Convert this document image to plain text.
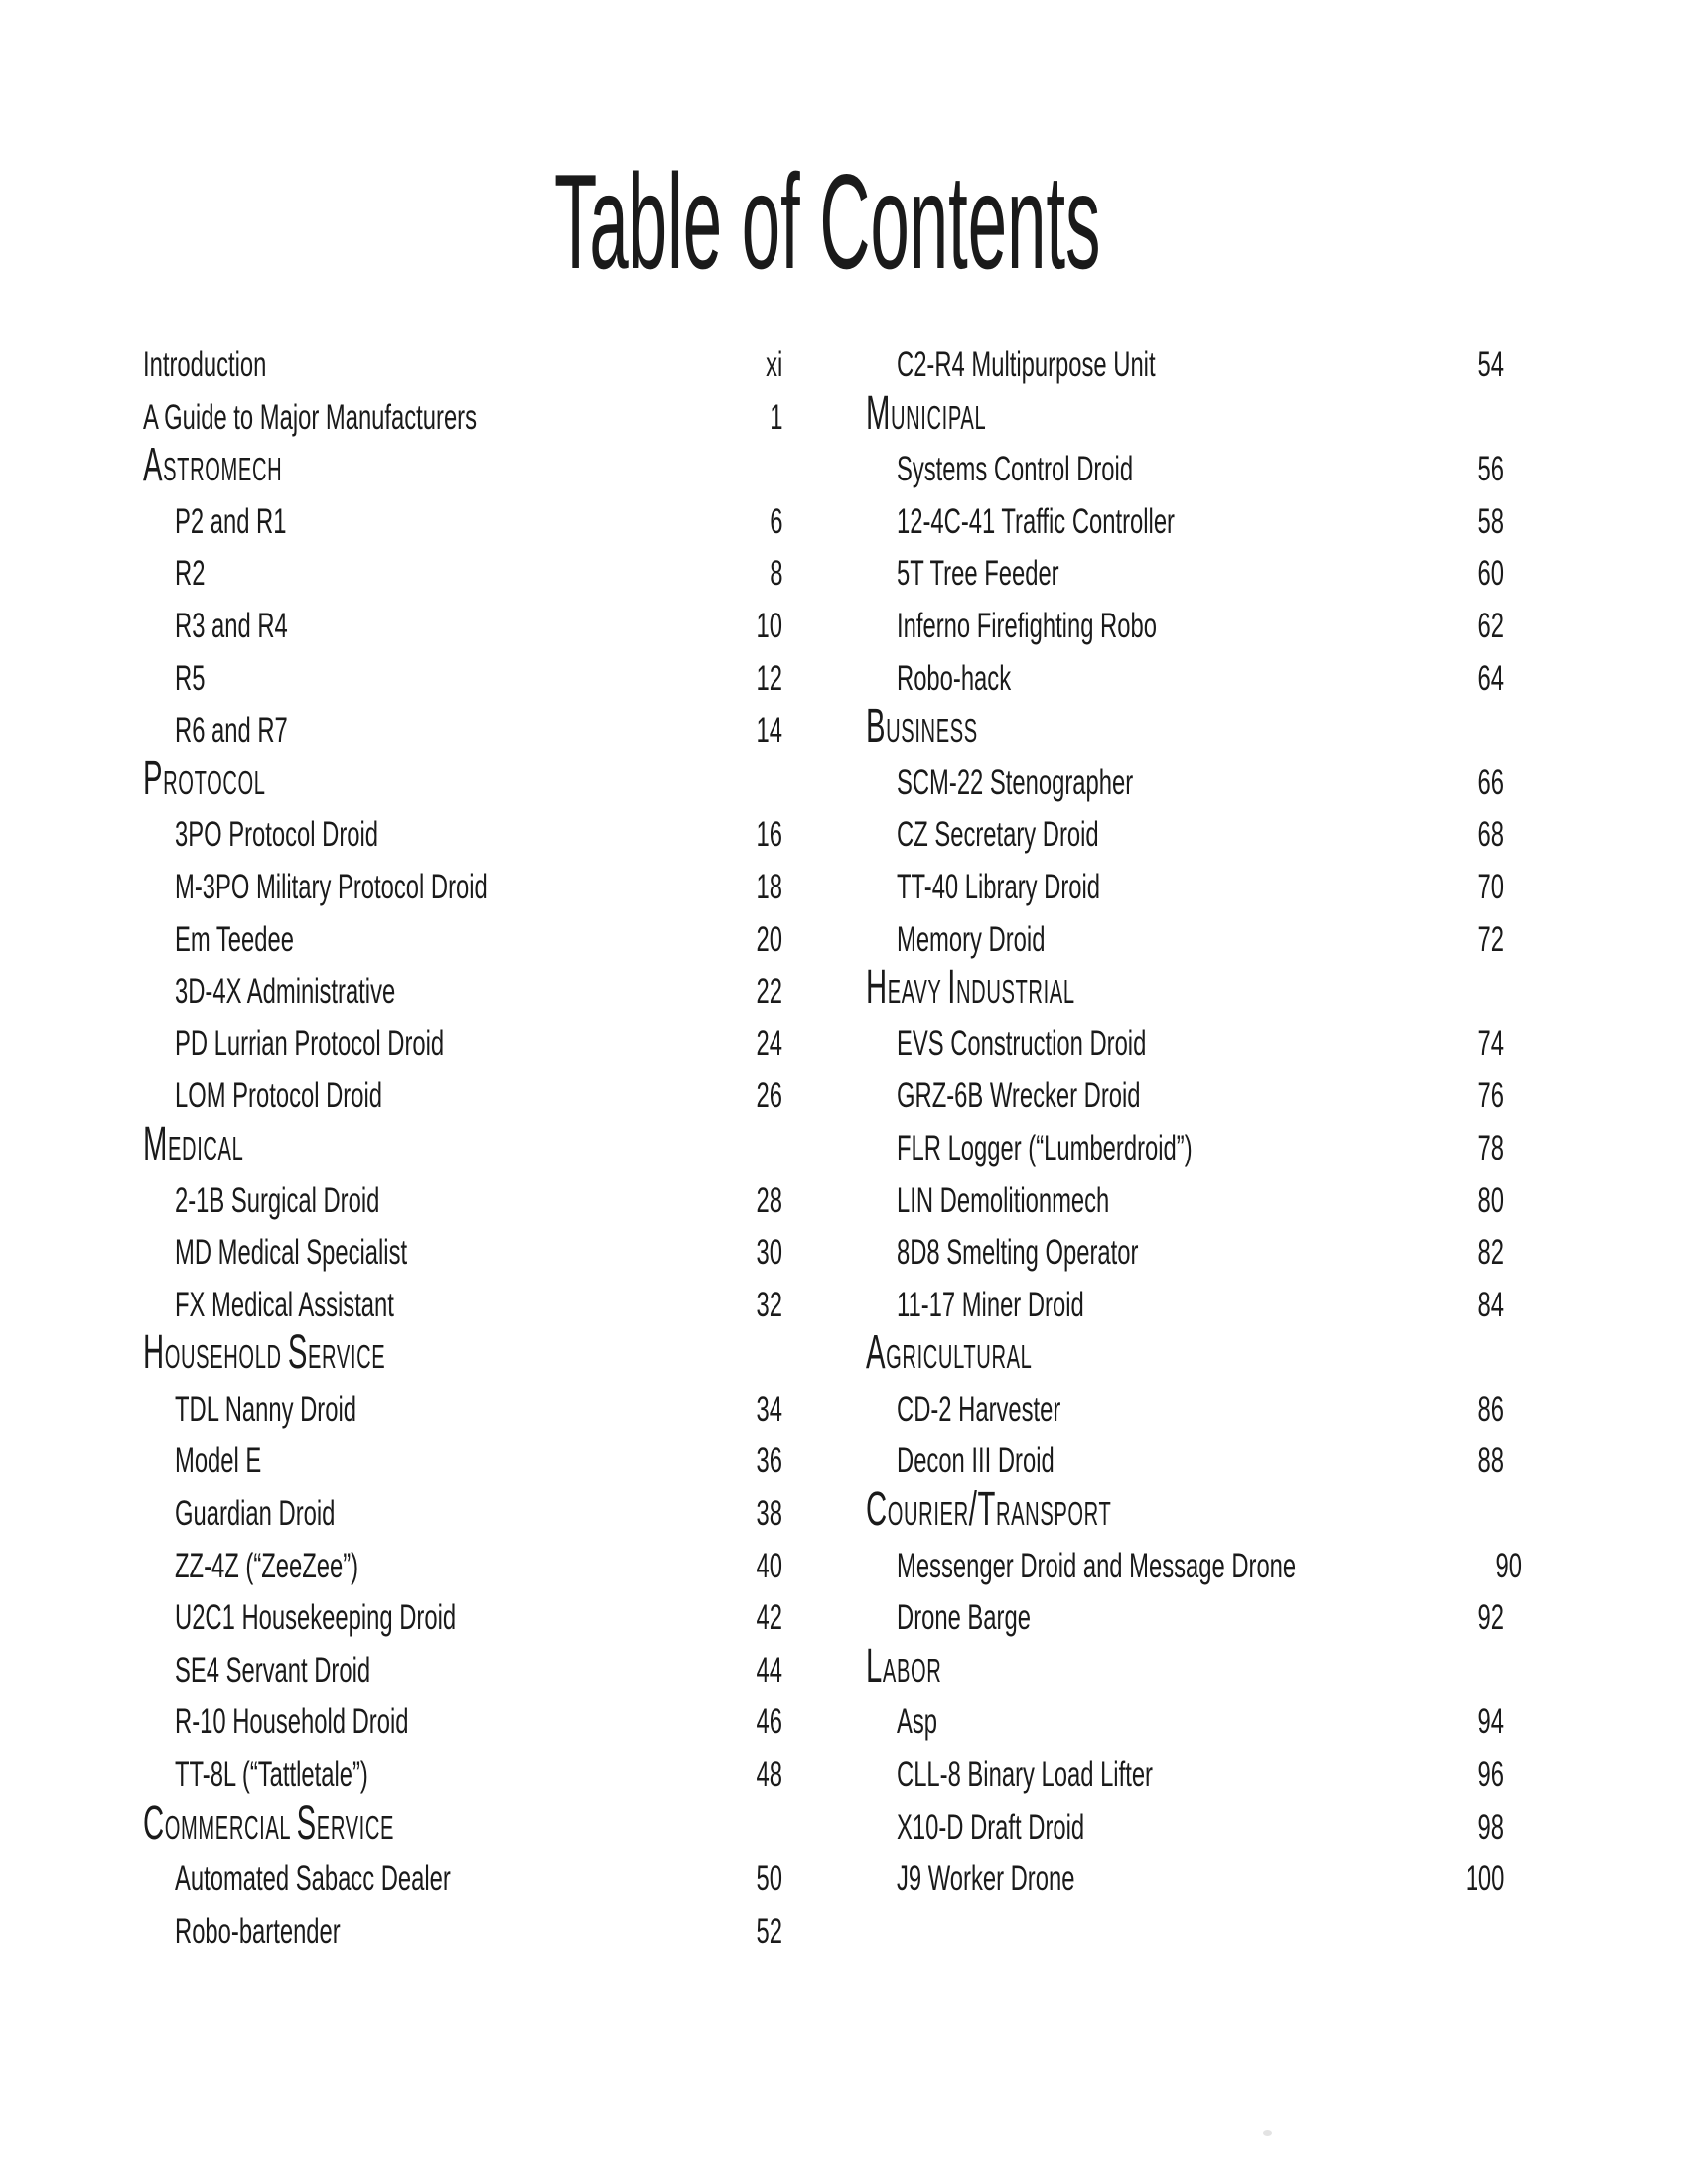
Table of Contents
Introduction	xi
A Guide to Major Manufacturers	1
ASTROMECH
P2 and R1	6
R2	8
R3 and R4	10
R5	12
R6 and R7	14
PROTOCOL
3PO Protocol Droid	16
M-3PO Military Protocol Droid	18
Em Teedee	20
3D-4X Administrative	22
PD Lurrian Protocol Droid	24
LOM Protocol Droid	26
MEDICAL
2-1B Surgical Droid	28
MD Medical Specialist	30
FX Medical Assistant	32
HOUSEHOLD SERVICE
TDL Nanny Droid	34
Model E	36
Guardian Droid	38
ZZ-4Z (“ZeeZee”)	40
U2C1 Housekeeping Droid	42
SE4 Servant Droid	44
R-10 Household Droid	46
TT-8L (“Tattletale”)	48
COMMERCIAL SERVICE
Automated Sabacc Dealer	50
Robo-bartender	52
C2-R4 Multipurpose Unit	54
MUNICIPAL
Systems Control Droid	56
12-4C-41 Traffic Controller	58
5T Tree Feeder	60
Inferno Firefighting Robo	62
Robo-hack	64
BUSINESS
SCM-22 Stenographer	66
CZ Secretary Droid	68
TT-40 Library Droid	70
Memory Droid	72
HEAVY INDUSTRIAL
EVS Construction Droid	74
GRZ-6B Wrecker Droid	76
FLR Logger (“Lumberdroid”)	78
LIN Demolitionmech	80
8D8 Smelting Operator	82
11-17 Miner Droid	84
AGRICULTURAL
CD-2 Harvester	86
Decon III Droid	88
COURIER/TRANSPORT
Messenger Droid and Message Drone	90
Drone Barge	92
LABOR
Asp	94
CLL-8 Binary Load Lifter	96
X10-D Draft Droid	98
J9 Worker Drone	100
